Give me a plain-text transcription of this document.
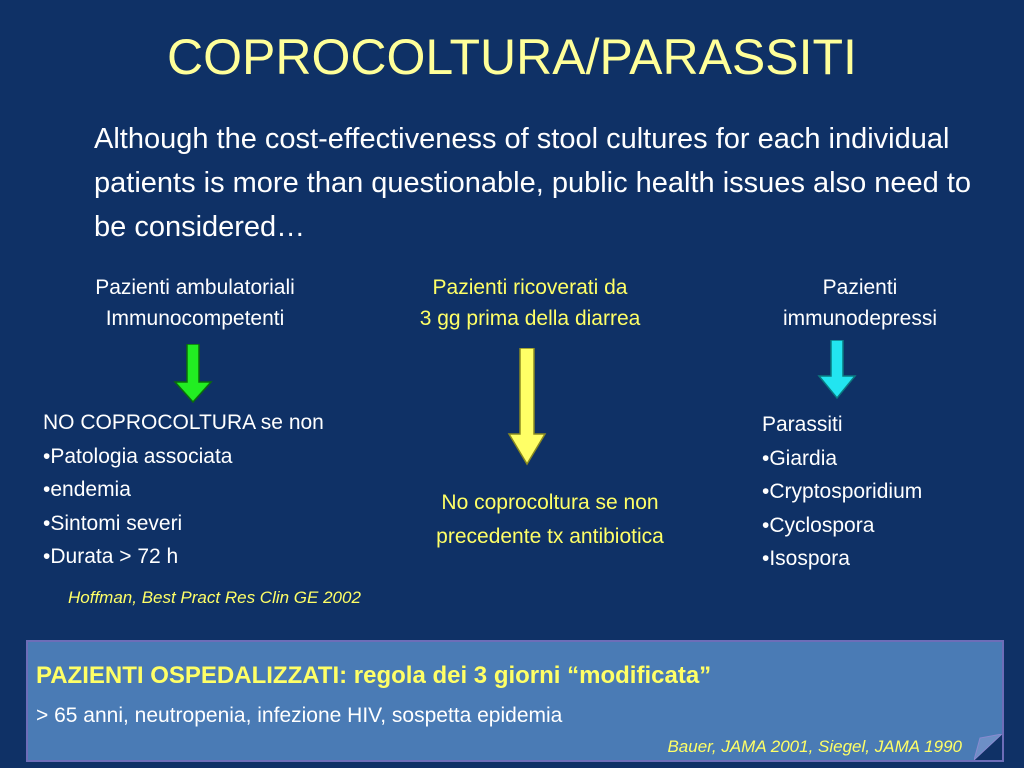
COPROCOLTURA/PARASSITI
Although the cost-effectiveness of stool cultures for each individual patients is more than questionable, public health issues also need to be considered…
Pazienti ambulatoriali
Immunocompetenti
NO COPROCOLTURA se non
•Patologia associata
•endemia
•Sintomi severi
•Durata > 72 h
Hoffman, Best Pract Res Clin GE 2002
Pazienti ricoverati da
3 gg prima della diarrea
No coprocoltura se non
precedente tx antibiotica
Pazienti
immunodepressi
Parassiti
•Giardia
•Cryptosporidium
•Cyclospora
•Isospora
PAZIENTI OSPEDALIZZATI: regola dei 3 giorni “modificata”
> 65 anni, neutropenia, infezione HIV, sospetta epidemia
Bauer, JAMA 2001, Siegel, JAMA 1990
